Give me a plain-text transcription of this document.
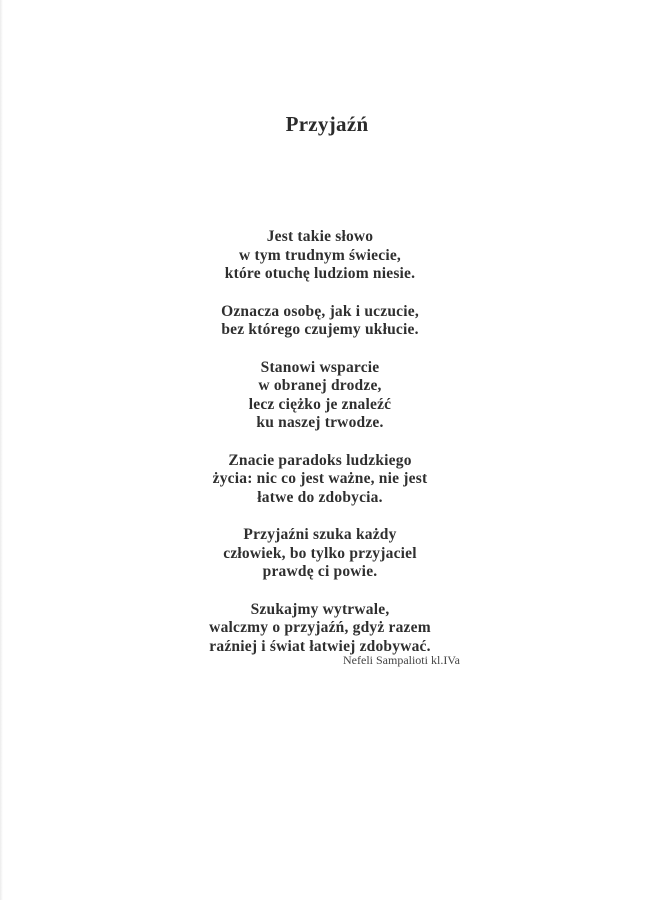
Przyjaźń

Jest takie słowo
w tym trudnym świecie,
które otuchę ludziom niesie.

Oznacza osobę, jak i uczucie,
bez którego czujemy ukłucie.

Stanowi wsparcie
w obranej drodze,
lecz ciężko je znaleźć
ku naszej trwodze.

Znacie paradoks ludzkiego
życia: nic co jest ważne, nie jest
łatwe do zdobycia.

Przyjaźni szuka każdy
człowiek, bo tylko przyjaciel
prawdę ci powie.

Szukajmy wytrwale,
walczmy o przyjaźń, gdyż razem
raźniej i świat łatwiej zdobywać.

Nefeli Sampalioti kl.IVa
